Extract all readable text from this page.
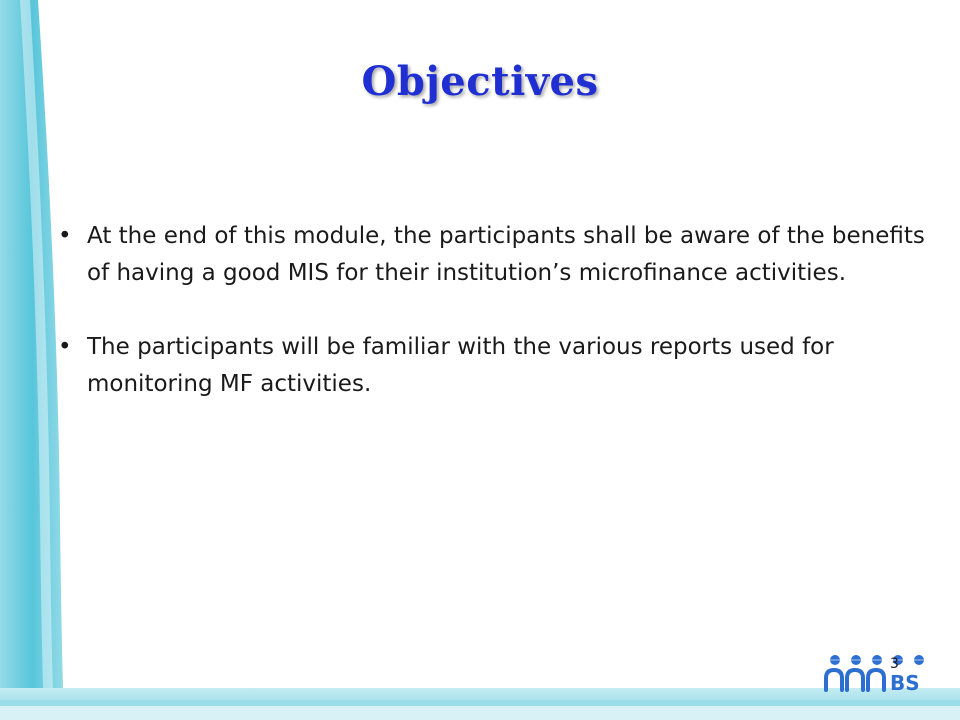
Objectives
• At the end of this module, the participants shall be aware of the benefits of having a good MIS for their institution’s microfinance activities.
• The participants will be familiar with the various reports used for monitoring MF activities.
BS
3
